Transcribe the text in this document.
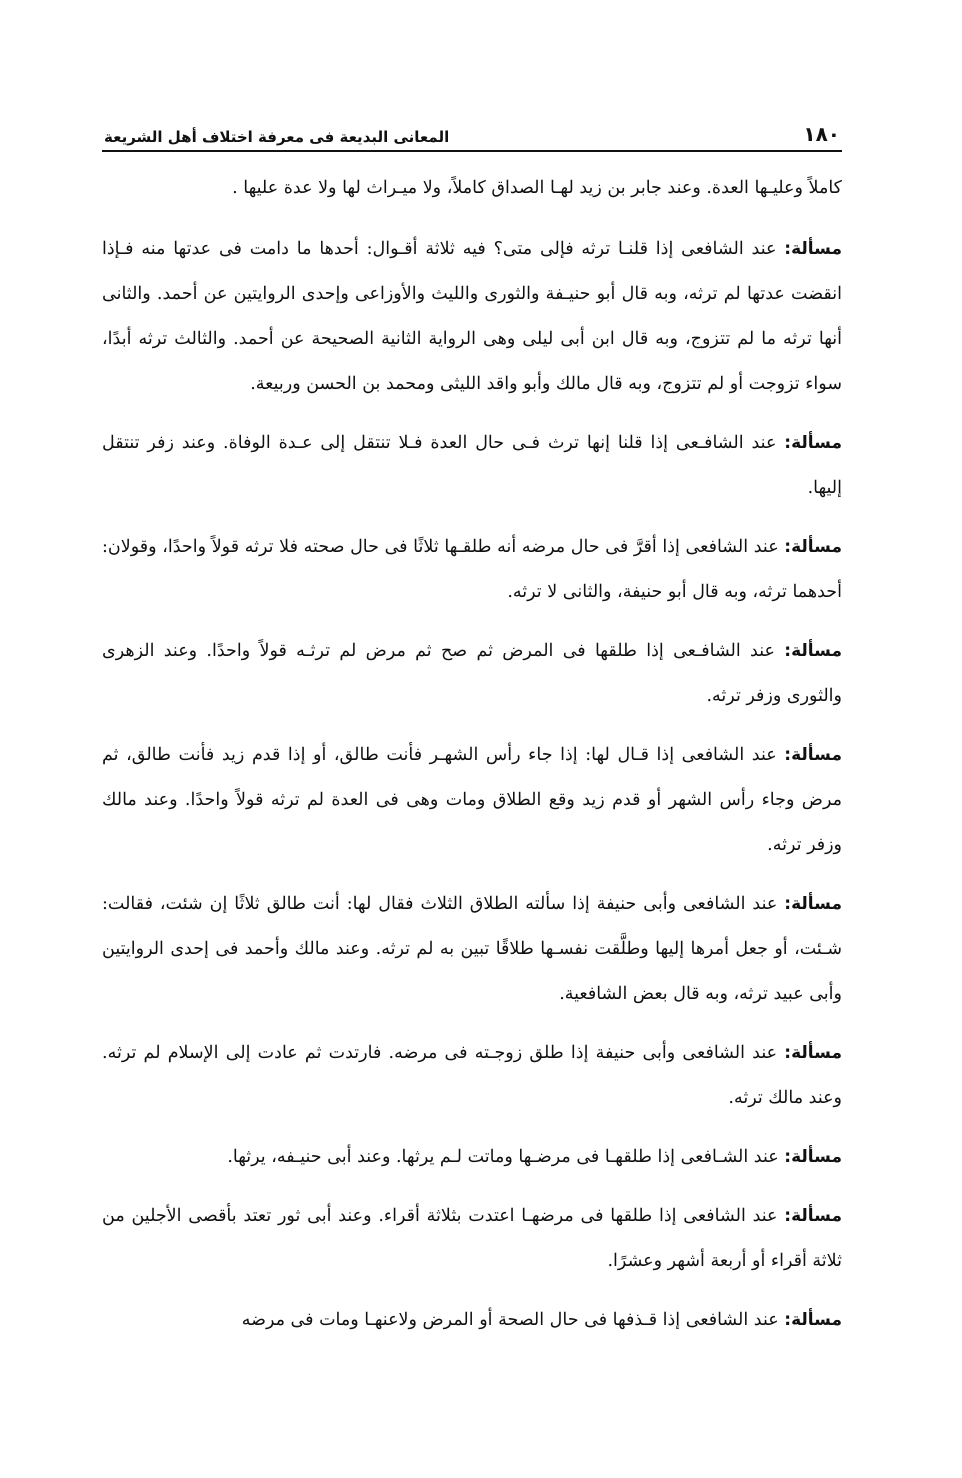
١٨٠
المعانى البديعة فى معرفة اختلاف أهل الشريعة

كاملاً وعليـها العدة. وعند جابر بن زيد لهـا الصداق كاملاً، ولا ميـراث لها ولا عدة عليها .

مسألة: عند الشافعى إذا قلنـا ترثه فإلى متى؟ فيه ثلاثة أقـوال: أحدها ما دامت فى عدتها منه فـإذا انقضت عدتها لم ترثه، وبه قال أبو حنيـفة والثورى والليث والأوزاعى وإحدى الروايتين عن أحمد. والثانى أنها ترثه ما لم تتزوج، وبه قال ابن أبى ليلى وهى الرواية الثانية الصحيحة عن أحمد. والثالث ترثه أبدًا، سواء تزوجت أو لم تتزوج، وبه قال مالك وأبو واقد الليثى ومحمد بن الحسن وربيعة.

مسألة: عند الشافـعى إذا قلنا إنها ترث فـى حال العدة فـلا تنتقل إلى عـدة الوفاة. وعند زفر تنتقل إليها.

مسألة: عند الشافعى إذا أقرَّ فى حال مرضه أنه طلقـها ثلاثًا فى حال صحته فلا ترثه قولاً واحدًا، وقولان: أحدهما ترثه، وبه قال أبو حنيفة، والثانى لا ترثه.

مسألة: عند الشافـعى إذا طلقها فى المرض ثم صح ثم مرض لم ترثـه قولاً واحدًا. وعند الزهرى والثورى وزفر ترثه.

مسألة: عند الشافعى إذا قـال لها: إذا جاء رأس الشهـر فأنت طالق، أو إذا قدم زيد فأنت طالق، ثم مرض وجاء رأس الشهر أو قدم زيد وقع الطلاق ومات وهى فى العدة لم ترثه قولاً واحدًا. وعند مالك وزفر ترثه.

مسألة: عند الشافعى وأبى حنيفة إذا سألته الطلاق الثلاث فقال لها: أنت طالق ثلاثًا إن شئت، فقالت: شـئت، أو جعل أمرها إليها وطلَّقت نفسـها طلاقًا تبين به لم ترثه. وعند مالك وأحمد فى إحدى الروايتين وأبى عبيد ترثه، وبه قال بعض الشافعية.

مسألة: عند الشافعى وأبى حنيفة إذا طلق زوجـته فى مرضه. فارتدت ثم عادت إلى الإسلام لم ترثه. وعند مالك ترثه.

مسألة: عند الشـافعى إذا طلقهـا فى مرضـها وماتت لـم يرثها. وعند أبى حنيـفه، يرثها.

مسألة: عند الشافعى إذا طلقها فى مرضهـا اعتدت بثلاثة أقراء. وعند أبى ثور تعتد بأقصى الأجلين من ثلاثة أقراء أو أربعة أشهر وعشرًا.

مسألة: عند الشافعى إذا قـذفها فى حال الصحة أو المرض ولاعنهـا ومات فى مرضه
